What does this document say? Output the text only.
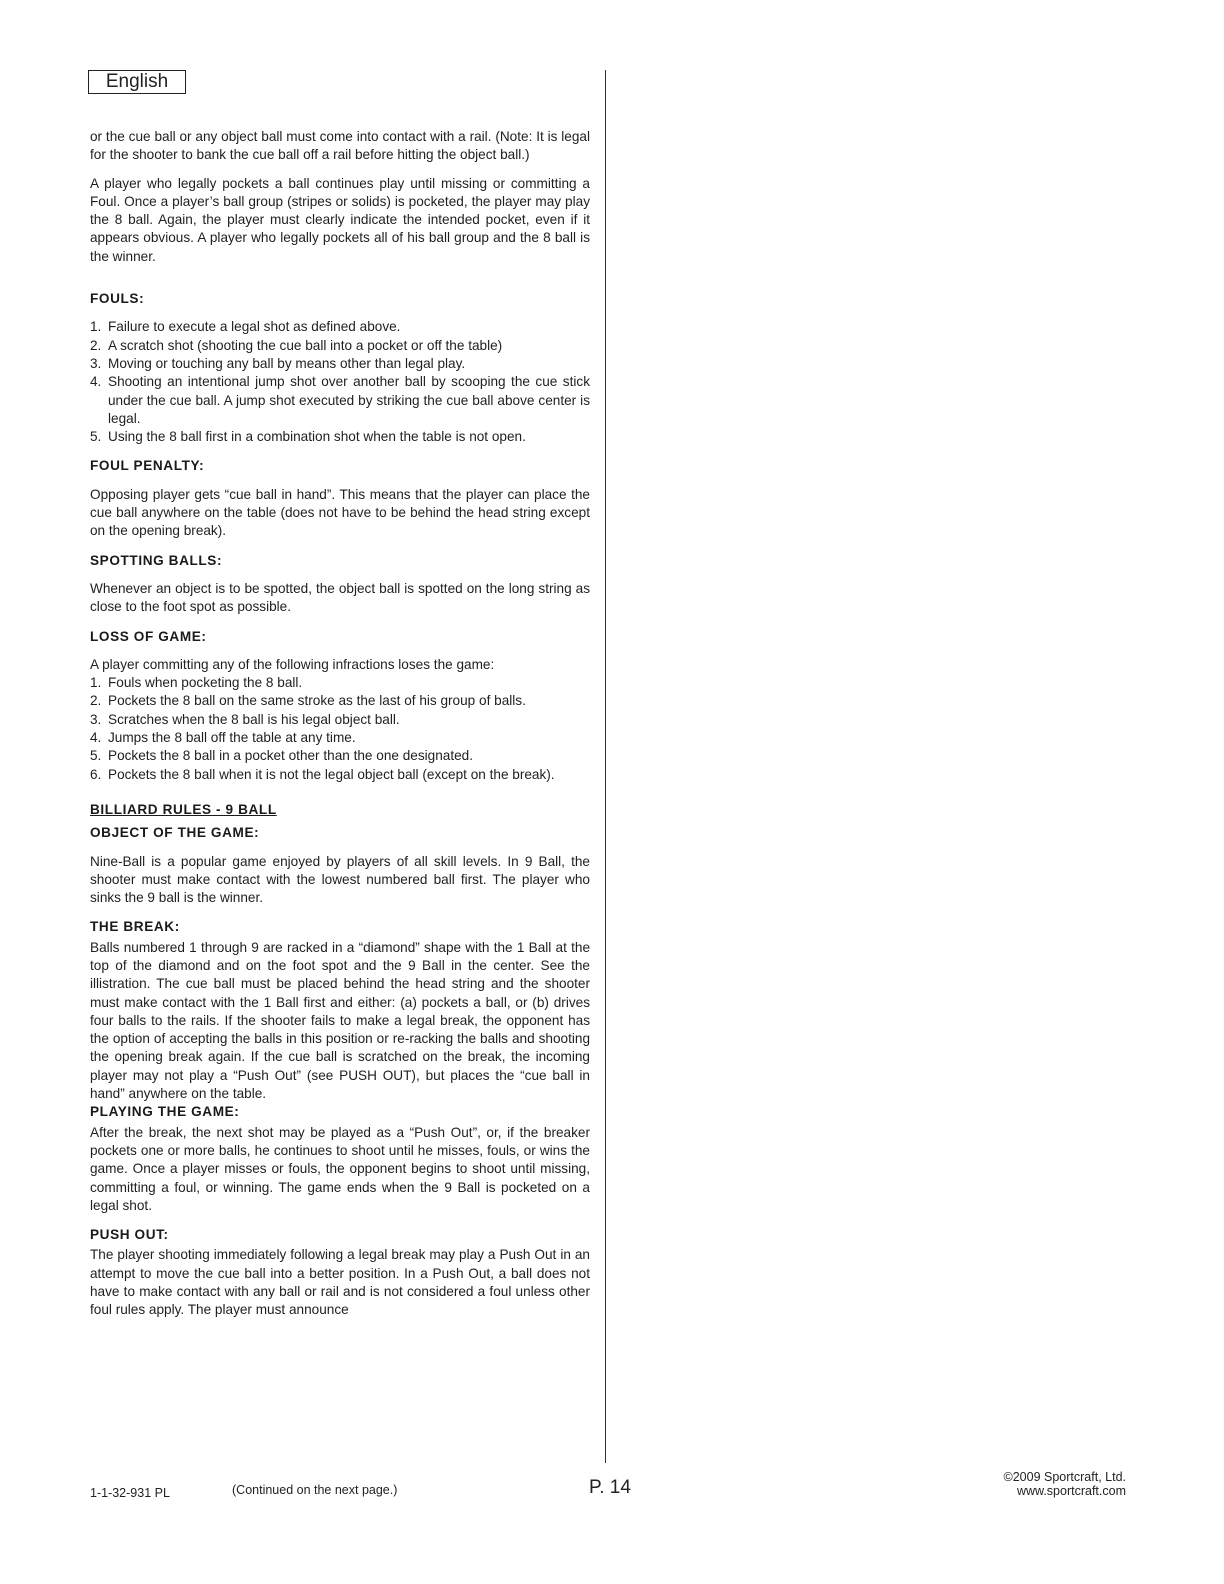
English

or the cue ball or any object ball must come into contact with a rail. (Note: It is legal for the shooter to bank the cue ball off a rail before hitting the object ball.)

A player who legally pockets a ball continues play until missing or committing a Foul. Once a player’s ball group (stripes or solids) is pocketed, the player may play the 8 ball. Again, the player must clearly indicate the intended pocket, even if it appears obvious. A player who legally pockets all of his ball group and the 8 ball is the winner.

FOULS:
1. Failure to execute a legal shot as defined above.
2. A scratch shot (shooting the cue ball into a pocket or off the table)
3. Moving or touching any ball by means other than legal play.
4. Shooting an intentional jump shot over another ball by scooping the cue stick under the cue ball. A jump shot executed by striking the cue ball above center is legal.
5. Using the 8 ball first in a combination shot when the table is not open.
FOUL PENALTY:

Opposing player gets “cue ball in hand”. This means that the player can place the cue ball anywhere on the table (does not have to be behind the head string except on the opening break).

SPOTTING BALLS:

Whenever an object is to be spotted, the object ball is spotted on the long string as close to the foot spot as possible.

LOSS OF GAME:

A player committing any of the following infractions loses the game:

1. Fouls when pocketing the 8 ball.
2. Pockets the 8 ball on the same stroke as the last of his group of balls.
3. Scratches when the 8 ball is his legal object ball.
4. Jumps the 8 ball off the table at any time.
5. Pockets the 8 ball in a pocket other than the one designated.
6. Pockets the 8 ball when it is not the legal object ball (except on the break).
BILLIARD RULES - 9 BALL
OBJECT OF THE GAME:

Nine-Ball is a popular game enjoyed by players of all skill levels. In 9 Ball, the shooter must make contact with the lowest numbered ball first. The player who sinks the 9 ball is the winner.

THE BREAK:

Balls numbered 1 through 9 are racked in a “diamond” shape with the 1 Ball at the top of the diamond and on the foot spot and the 9 Ball in the center. See the illistration. The cue ball must be placed behind the head string and the shooter must make contact with the 1 Ball first and either: (a) pockets a ball, or (b) drives four balls to the rails. If the shooter fails to make a legal break, the opponent has the option of accepting the balls in this position or re-racking the balls and shooting the opening break again. If the cue ball is scratched on the break, the incoming player may not play a “Push Out” (see PUSH OUT), but places the “cue ball in hand” anywhere on the table.

PLAYING THE GAME:

After the break, the next shot may be played as a “Push Out”, or, if the breaker pockets one or more balls, he continues to shoot until he misses, fouls, or wins the game. Once a player misses or fouls, the opponent begins to shoot until missing, committing a foul, or winning. The game ends when the 9 Ball is pocketed on a legal shot.

PUSH OUT:

The player shooting immediately following a legal break may play a Push Out in an attempt to move the cue ball into a better position. In a Push Out, a ball does not have to make contact with any ball or rail and is not considered a foul unless other foul rules apply. The player must announce

1-1-32-931 PL	(Continued on the next page.)	P. 14	©2009 Sportcraft, Ltd.
www.sportcraft.com
